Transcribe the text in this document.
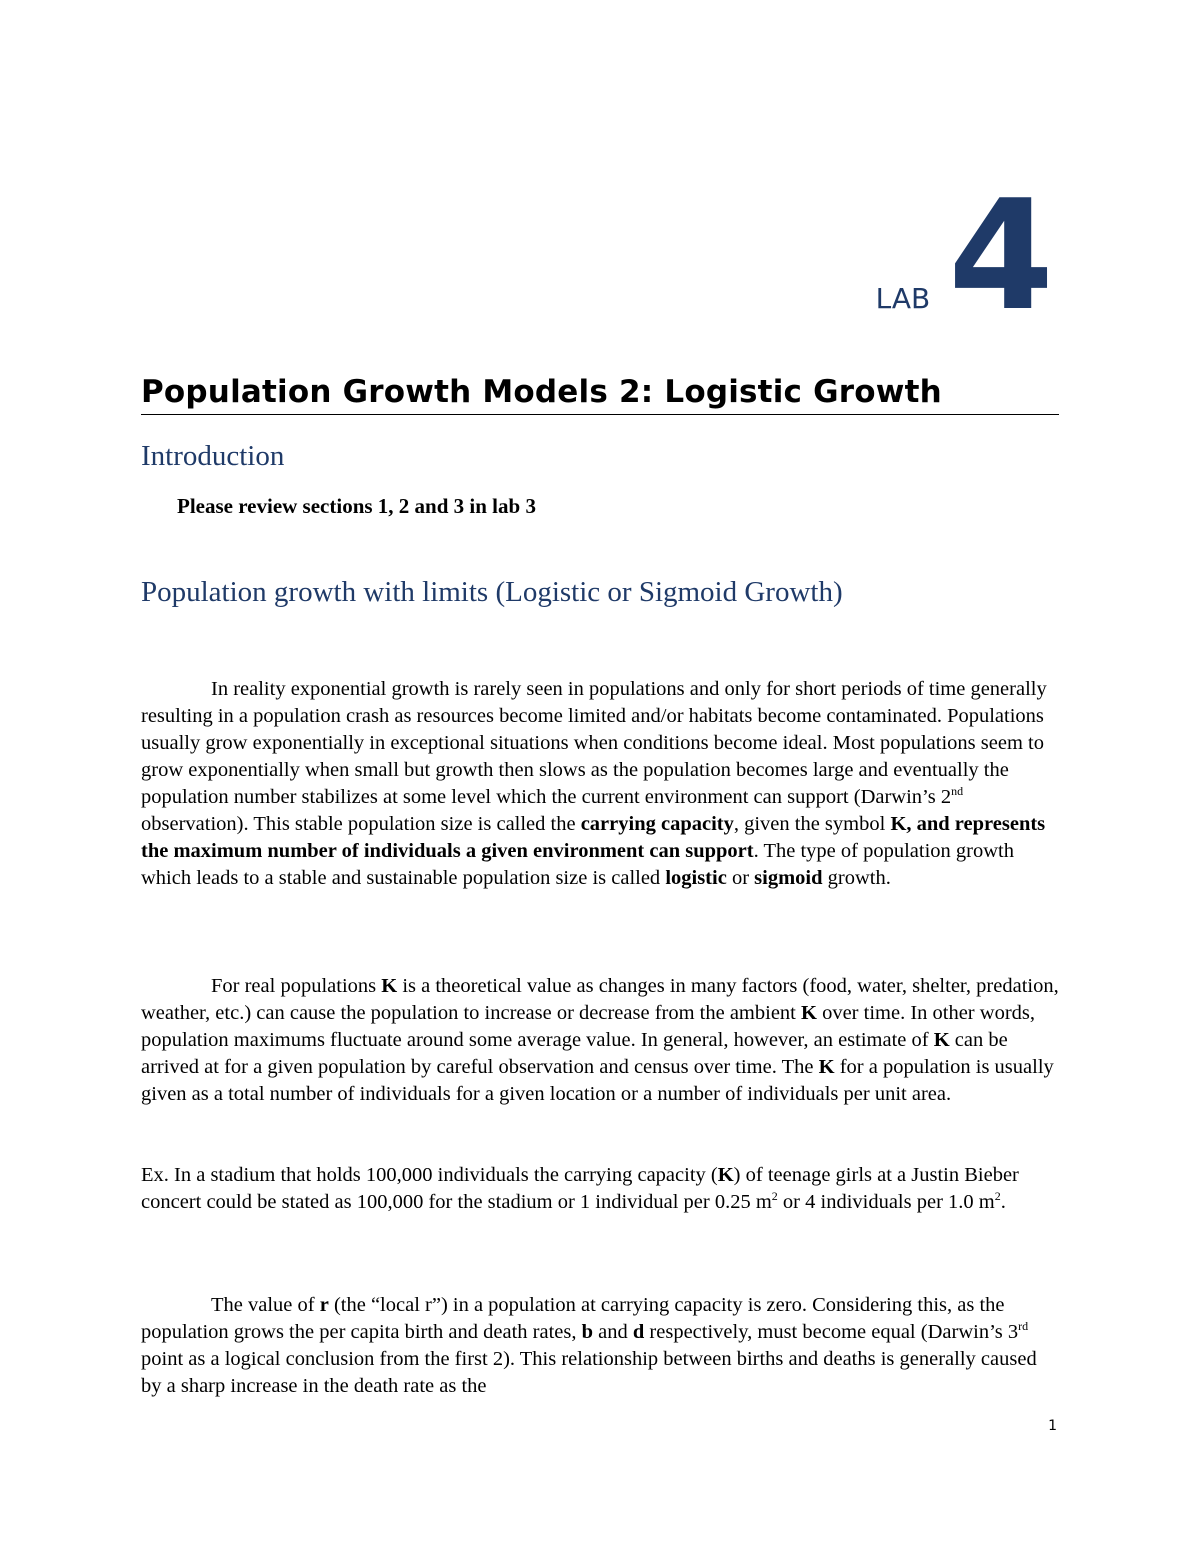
LAB 4
Population Growth Models 2: Logistic Growth
Introduction
Please review sections 1, 2 and 3 in lab 3
Population growth with limits (Logistic or Sigmoid Growth)

In reality exponential growth is rarely seen in populations and only for short periods of time generally resulting in a population crash as resources become limited and/or habitats become contaminated. Populations usually grow exponentially in exceptional situations when conditions become ideal. Most populations seem to grow exponentially when small but growth then slows as the population becomes large and eventually the population number stabilizes at some level which the current environment can support (Darwin’s 2nd observation). This stable population size is called the carrying capacity, given the symbol K, and represents the maximum number of individuals a given environment can support. The type of population growth which leads to a stable and sustainable population size is called logistic or sigmoid growth.

For real populations K is a theoretical value as changes in many factors (food, water, shelter, predation, weather, etc.) can cause the population to increase or decrease from the ambient K over time. In other words, population maximums fluctuate around some average value. In general, however, an estimate of K can be arrived at for a given population by careful observation and census over time. The K for a population is usually given as a total number of individuals for a given location or a number of individuals per unit area.

Ex. In a stadium that holds 100,000 individuals the carrying capacity (K) of teenage girls at a Justin Bieber concert could be stated as 100,000 for the stadium or 1 individual per 0.25 $m^2$ or 4 individuals per 1.0 $m^2$.

The value of r (the “local r”) in a population at carrying capacity is zero. Considering this, as the population grows the per capita birth and death rates, b and d respectively, must become equal (Darwin’s 3rd point as a logical conclusion from the first 2). This relationship between births and deaths is generally caused by a sharp increase in the death rate as the

1
